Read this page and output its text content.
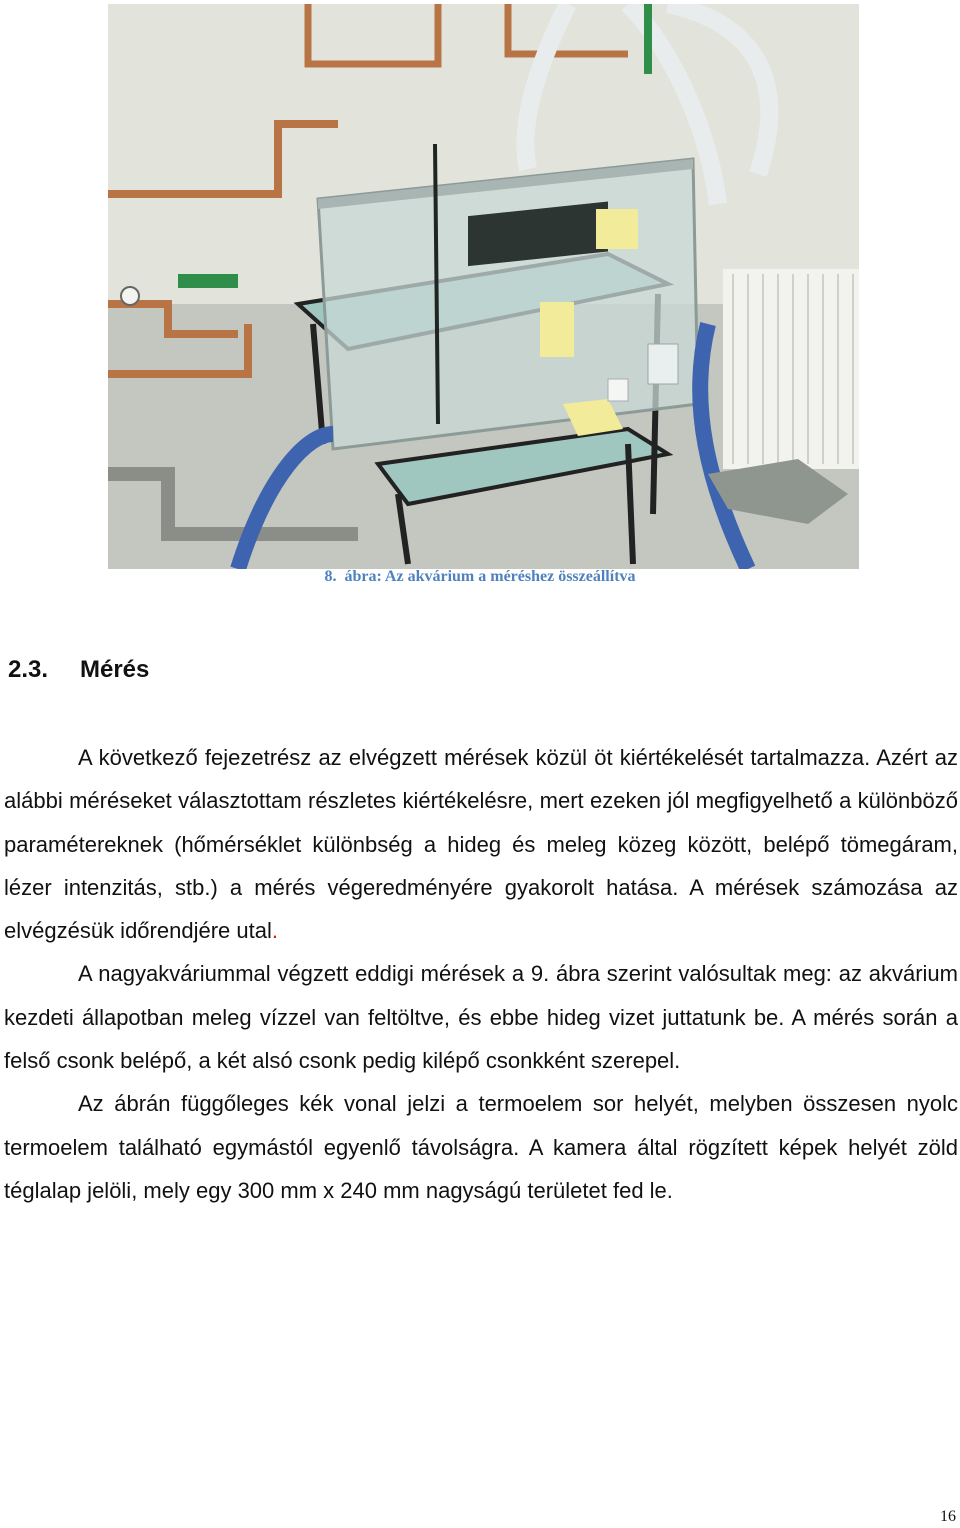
8. ábra: Az akvárium a méréshez összeállítva
2.3. Mérés

A következő fejezetrész az elvégzett mérések közül öt kiértékelését tartalmazza. Azért az alábbi méréseket választottam részletes kiértékelésre, mert ezeken jól megfigyelhető a különböző paramétereknek (hőmérséklet különbség a hideg és meleg közeg között, belépő tömegáram, lézer intenzitás, stb.) a mérés végeredményére gyakorolt hatása. A mérések számozása az elvégzésük időrendjére utal.

A nagyakváriummal végzett eddigi mérések a 9. ábra szerint valósultak meg: az akvárium kezdeti állapotban meleg vízzel van feltöltve, és ebbe hideg vizet juttatunk be. A mérés során a felső csonk belépő, a két alsó csonk pedig kilépő csonkként szerepel.

Az ábrán függőleges kék vonal jelzi a termoelem sor helyét, melyben összesen nyolc termoelem található egymástól egyenlő távolságra. A kamera által rögzített képek helyét zöld téglalap jelöli, mely egy 300 mm x 240 mm nagyságú területet fed le.

16
